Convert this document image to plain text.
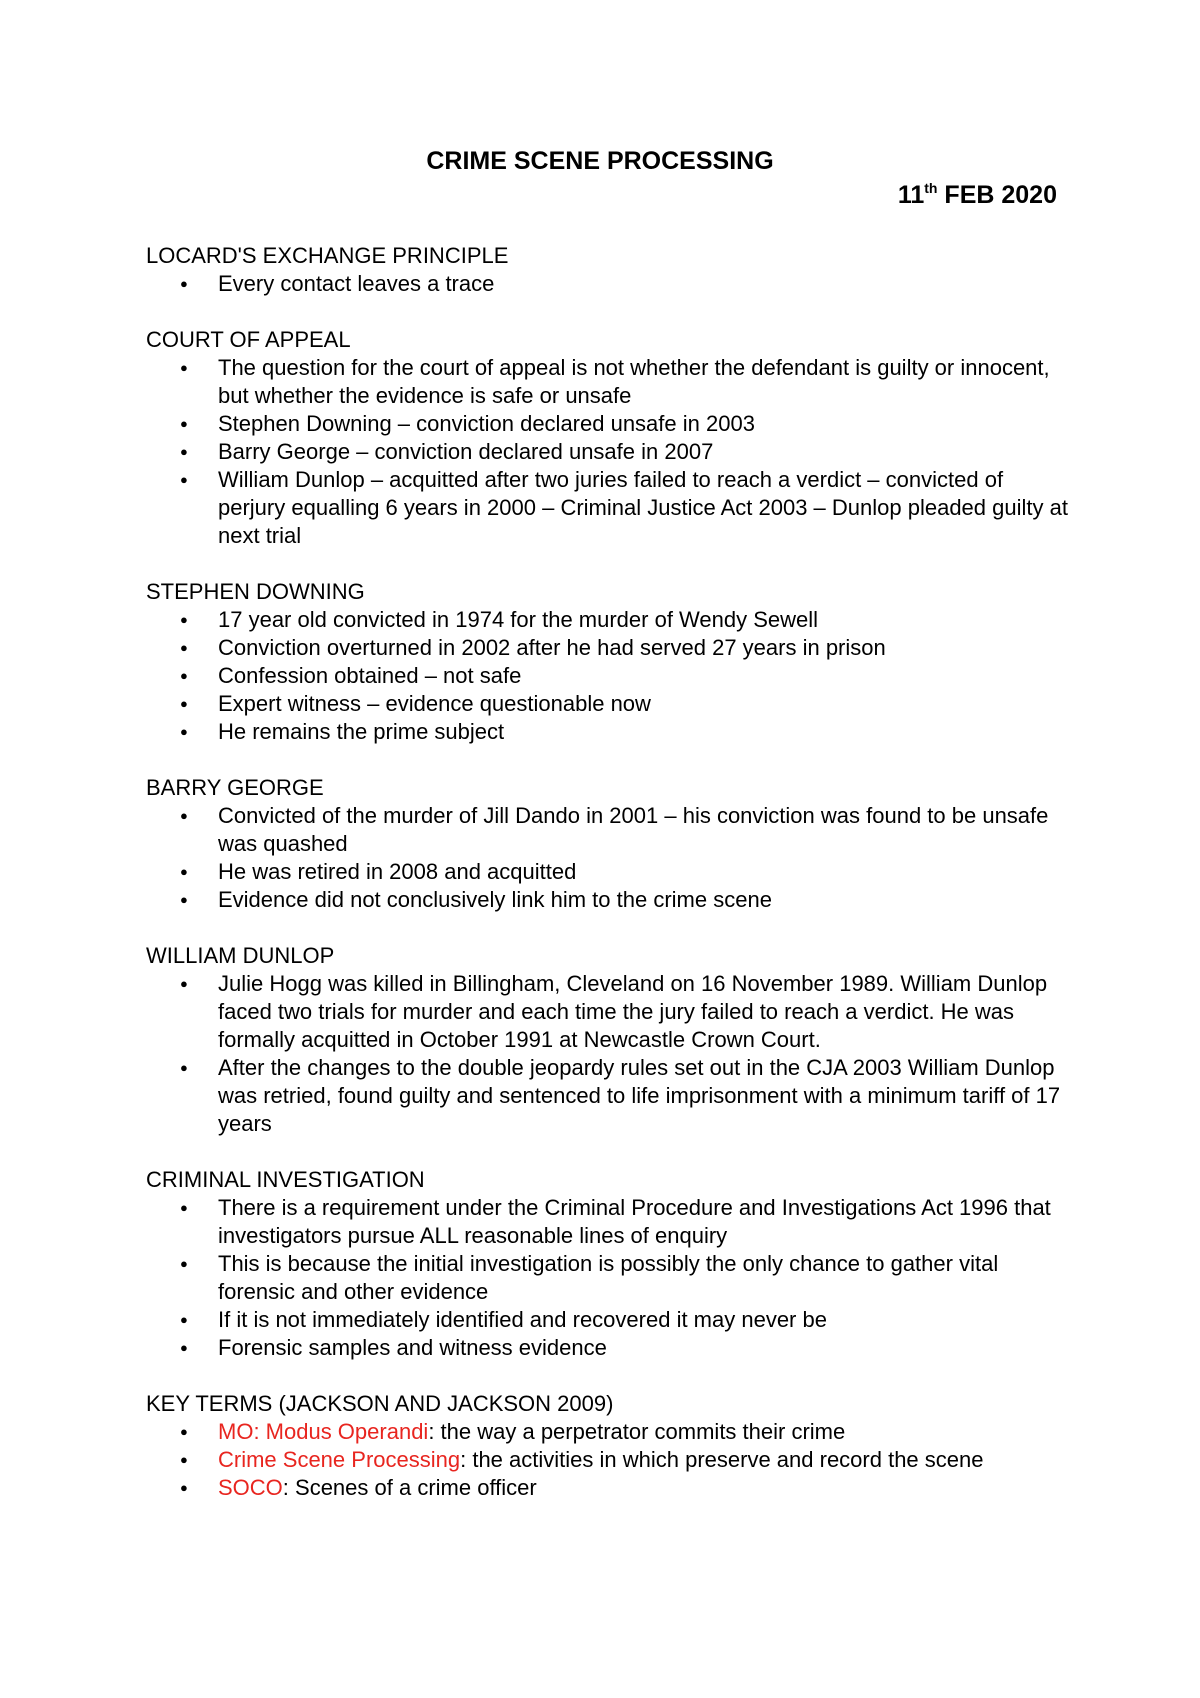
CRIME SCENE PROCESSING
11th FEB 2020

LOCARD'S EXCHANGE PRINCIPLE

● Every contact leaves a trace

COURT OF APPEAL

● The question for the court of appeal is not whether the defendant is guilty or innocent, but whether the evidence is safe or unsafe
● Stephen Downing – conviction declared unsafe in 2003
● Barry George – conviction declared unsafe in 2007
● William Dunlop – acquitted after two juries failed to reach a verdict – convicted of perjury equalling 6 years in 2000 – Criminal Justice Act 2003 – Dunlop pleaded guilty at next trial

STEPHEN DOWNING

● 17 year old convicted in 1974 for the murder of Wendy Sewell
● Conviction overturned in 2002 after he had served 27 years in prison
● Confession obtained – not safe
● Expert witness – evidence questionable now
● He remains the prime subject

BARRY GEORGE

● Convicted of the murder of Jill Dando in 2001 – his conviction was found to be unsafe was quashed
● He was retired in 2008 and acquitted
● Evidence did not conclusively link him to the crime scene

WILLIAM DUNLOP

● Julie Hogg was killed in Billingham, Cleveland on 16 November 1989. William Dunlop faced two trials for murder and each time the jury failed to reach a verdict. He was formally acquitted in October 1991 at Newcastle Crown Court.
● After the changes to the double jeopardy rules set out in the CJA 2003 William Dunlop was retried, found guilty and sentenced to life imprisonment with a minimum tariff of 17 years

CRIMINAL INVESTIGATION

● There is a requirement under the Criminal Procedure and Investigations Act 1996 that investigators pursue ALL reasonable lines of enquiry
● This is because the initial investigation is possibly the only chance to gather vital forensic and other evidence
● If it is not immediately identified and recovered it may never be
● Forensic samples and witness evidence

KEY TERMS (JACKSON AND JACKSON 2009)

● MO: Modus Operandi: the way a perpetrator commits their crime
● Crime Scene Processing: the activities in which preserve and record the scene
● SOCO: Scenes of a crime officer
